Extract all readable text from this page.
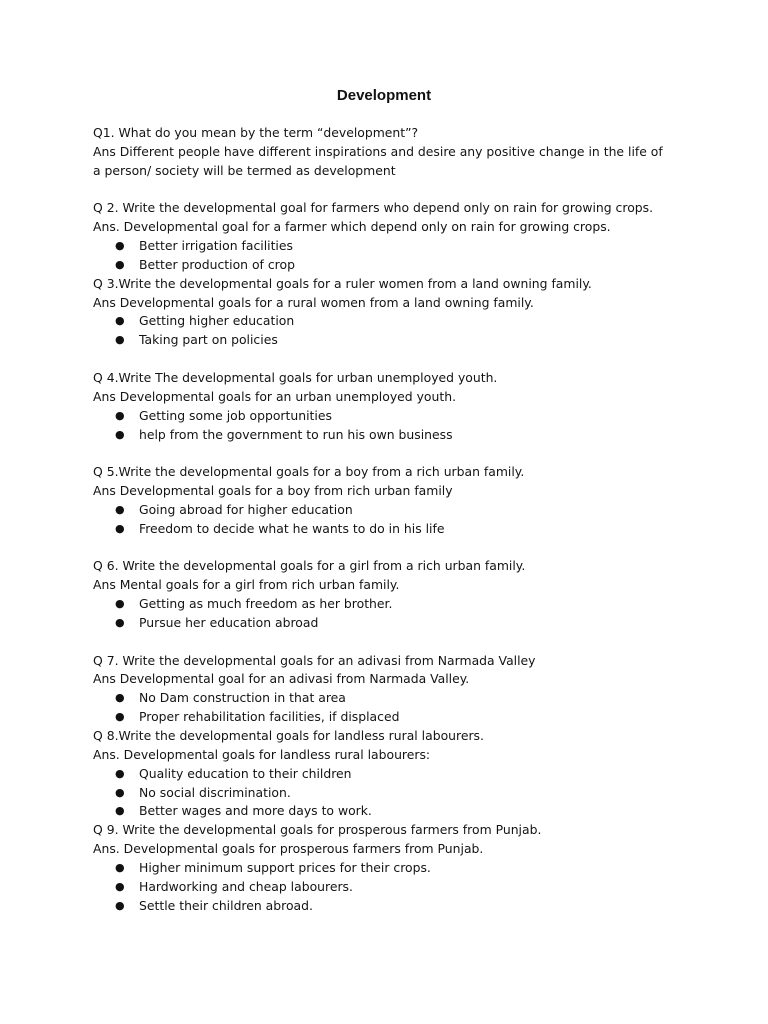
Development

Q1. What do you mean by the term “development”?

Ans Different people have different inspirations and desire any positive change in the life of a person/ society will be termed as development

Q 2. Write the developmental goal for farmers who depend only on rain for growing crops.

Ans. Developmental goal for a farmer which depend only on rain for growing crops.

● Better irrigation facilities
● Better production of crop

Q 3.Write the developmental goals for a ruler women from a land owning family.

Ans Developmental goals for a rural women from a land owning family.

● Getting higher education
● Taking part on policies

Q 4.Write The developmental goals for urban unemployed youth.

Ans Developmental goals for an urban unemployed youth.

● Getting some job opportunities
● help from the government to run his own business

Q 5.Write the developmental goals for a boy from a rich urban family.

Ans Developmental goals for a boy from rich urban family

● Going abroad for higher education
● Freedom to decide what he wants to do in his life

Q 6. Write the developmental goals for a girl from a rich urban family.

Ans Mental goals for a girl from rich urban family.

● Getting as much freedom as her brother.
● Pursue her education abroad

Q 7. Write the developmental goals for an adivasi from Narmada Valley

Ans Developmental goal for an adivasi from Narmada Valley.

● No Dam construction in that area
● Proper rehabilitation facilities, if displaced

Q 8.Write the developmental goals for landless rural labourers.

Ans. Developmental goals for landless rural labourers:

● Quality education to their children
● No social discrimination.
● Better wages and more days to work.

Q 9. Write the developmental goals for prosperous farmers from Punjab.

Ans. Developmental goals for prosperous farmers from Punjab.

● Higher minimum support prices for their crops.
● Hardworking and cheap labourers.
● Settle their children abroad.
